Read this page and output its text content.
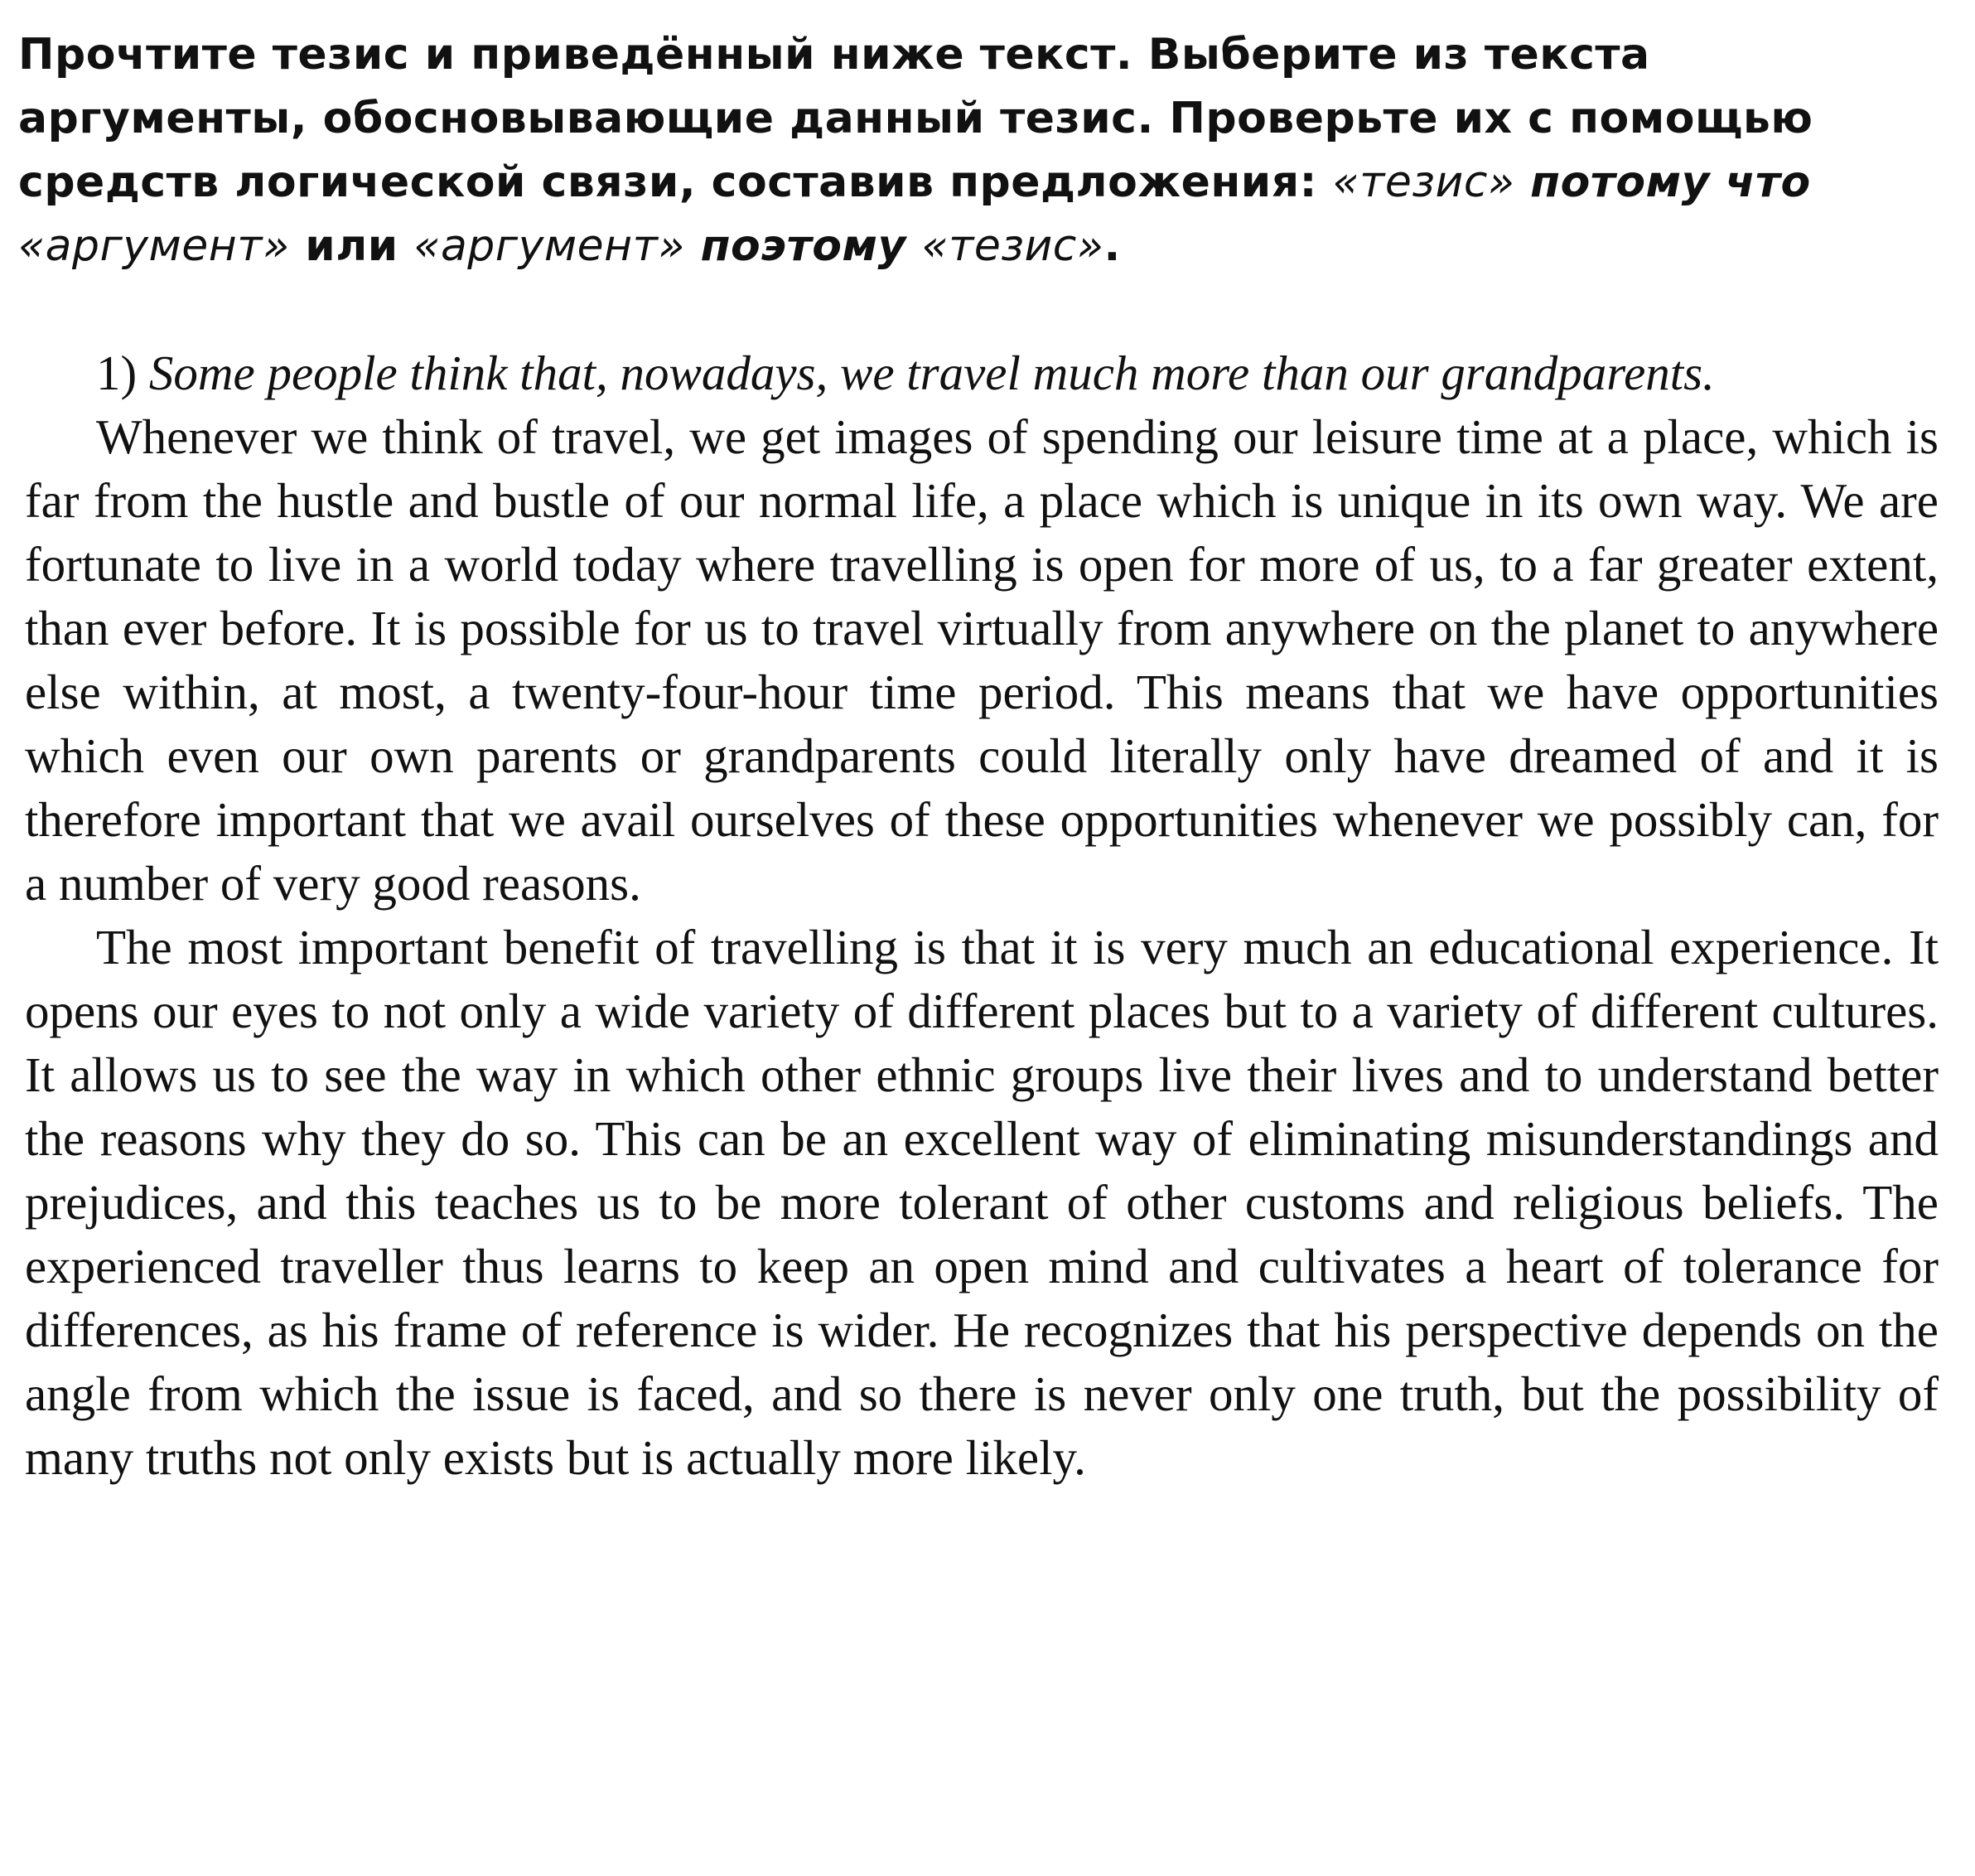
Прочтите тезис и приведённый ниже текст. Выберите из текста аргументы, обосновывающие данный тезис. Проверьте их с помощью средств логической связи, составив предложения: «тезис» потому что «аргумент» или «аргумент» поэтому «тезис».

1) Some people think that, nowadays, we travel much more than our grandparents.

Whenever we think of travel, we get images of spending our leisure time at a place, which is far from the hustle and bustle of our normal life, a place which is unique in its own way. We are fortunate to live in a world today where travelling is open for more of us, to a far greater extent, than ever before. It is possible for us to travel virtually from anywhere on the planet to anywhere else within, at most, a twenty-four-hour time period. This means that we have opportunities which even our own parents or grandparents could literally only have dreamed of and it is therefore important that we avail ourselves of these opportunities whenever we possibly can, for a number of very good reasons.

The most important benefit of travelling is that it is very much an educational experience. It opens our eyes to not only a wide variety of different places but to a variety of different cultures. It allows us to see the way in which other ethnic groups live their lives and to understand better the reasons why they do so. This can be an excellent way of eliminating misunderstandings and prejudices, and this teaches us to be more tolerant of other customs and religious beliefs. The experienced traveller thus learns to keep an open mind and cultivates a heart of tolerance for differences, as his frame of reference is wider. He recognizes that his perspective depends on the angle from which the issue is faced, and so there is never only one truth, but the possibility of many truths not only exists but is actually more likely.
